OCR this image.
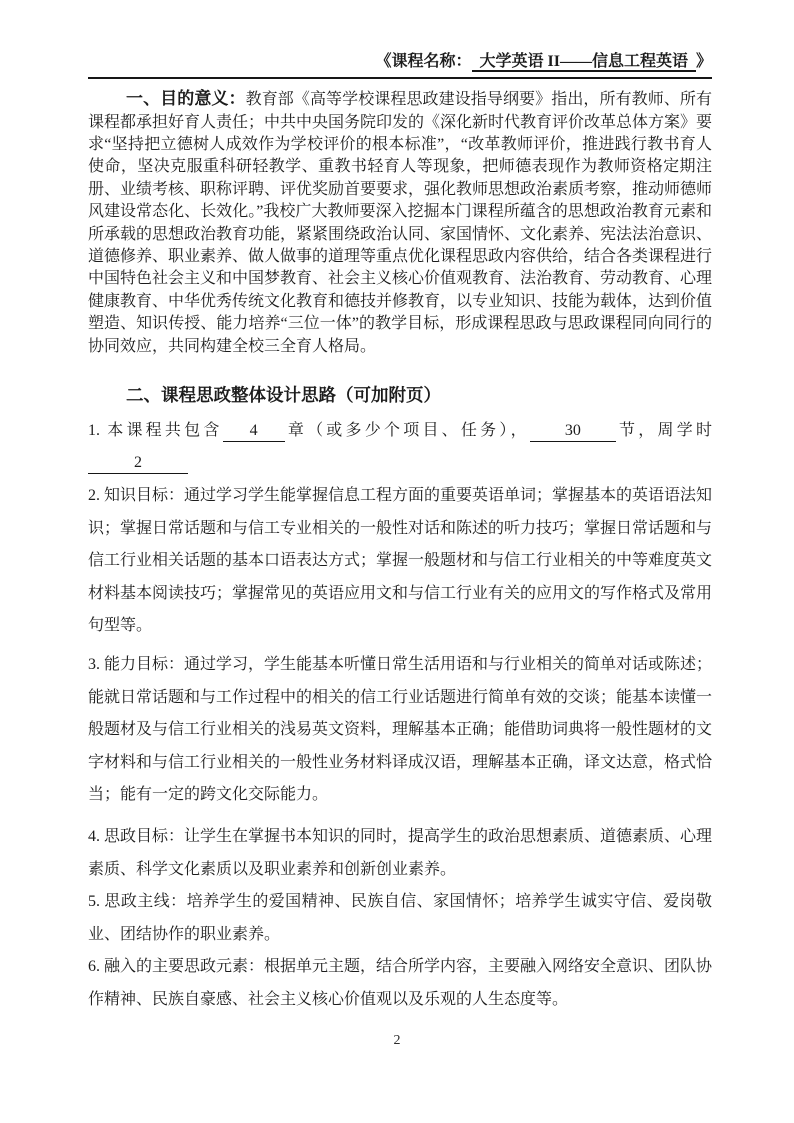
《课程名称： 大学英语 II——信息工程英语 》

一、目的意义：教育部《高等学校课程思政建设指导纲要》指出，所有教师、所有课程都承担好育人责任；中共中央国务院印发的《深化新时代教育评价改革总体方案》要求“坚持把立德树人成效作为学校评价的根本标准”，“改革教师评价，推进践行教书育人使命，坚决克服重科研轻教学、重教书轻育人等现象，把师德表现作为教师资格定期注册、业绩考核、职称评聘、评优奖励首要要求，强化教师思想政治素质考察，推动师德师风建设常态化、长效化。”我校广大教师要深入挖掘本门课程所蕴含的思想政治教育元素和所承载的思想政治教育功能，紧紧围绕政治认同、家国情怀、文化素养、宪法法治意识、道德修养、职业素养、做人做事的道理等重点优化课程思政内容供给，结合各类课程进行中国特色社会主义和中国梦教育、社会主义核心价值观教育、法治教育、劳动教育、心理健康教育、中华优秀传统文化教育和德技并修教育，以专业知识、技能为载体，达到价值塑造、知识传授、能力培养“三位一体”的教学目标，形成课程思政与思政课程同向同行的协同效应，共同构建全校三全育人格局。

二、课程思政整体设计思路（可加附页）

1. 本课程共包含 4 章（或多少个项目、任务）， 30 节，周学时2

2. 知识目标：通过学习学生能掌握信息工程方面的重要英语单词；掌握基本的英语语法知识；掌握日常话题和与信工专业相关的一般性对话和陈述的听力技巧；掌握日常话题和与信工行业相关话题的基本口语表达方式；掌握一般题材和与信工行业相关的中等难度英文材料基本阅读技巧；掌握常见的英语应用文和与信工行业有关的应用文的写作格式及常用句型等。

3. 能力目标：通过学习，学生能基本听懂日常生活用语和与行业相关的简单对话或陈述；能就日常话题和与工作过程中的相关的信工行业话题进行简单有效的交谈；能基本读懂一般题材及与信工行业相关的浅易英文资料，理解基本正确；能借助词典将一般性题材的文字材料和与信工行业相关的一般性业务材料译成汉语，理解基本正确，译文达意，格式恰当；能有一定的跨文化交际能力。

4. 思政目标：让学生在掌握书本知识的同时，提高学生的政治思想素质、道德素质、心理素质、科学文化素质以及职业素养和创新创业素养。

5. 思政主线：培养学生的爱国精神、民族自信、家国情怀；培养学生诚实守信、爱岗敬业、团结协作的职业素养。

6. 融入的主要思政元素：根据单元主题，结合所学内容，主要融入网络安全意识、团队协作精神、民族自豪感、社会主义核心价值观以及乐观的人生态度等。

2
